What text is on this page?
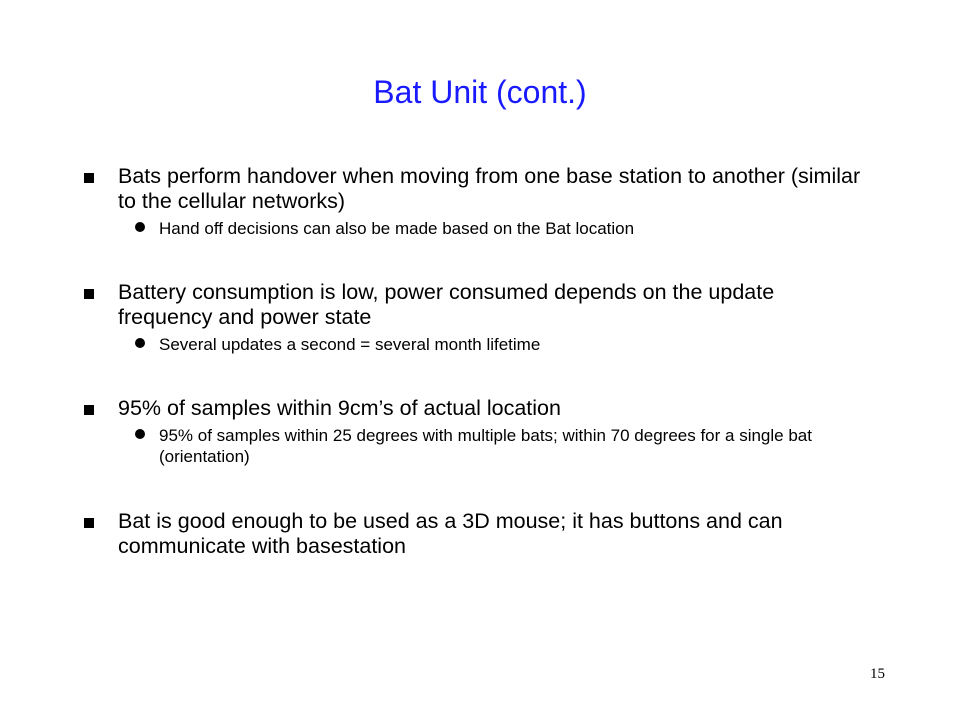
Bat Unit (cont.)
Bats perform handover when moving from one base station to another (similar to the cellular networks)
Hand off decisions can also be made based on the Bat location
Battery consumption is low, power consumed depends on the update frequency and power state
Several updates a second = several month lifetime
95% of samples within 9cm’s of actual location
95% of samples within 25 degrees with multiple bats; within 70 degrees for a single bat (orientation)
Bat is good enough to be used as a 3D mouse; it has buttons and can communicate with basestation
15
